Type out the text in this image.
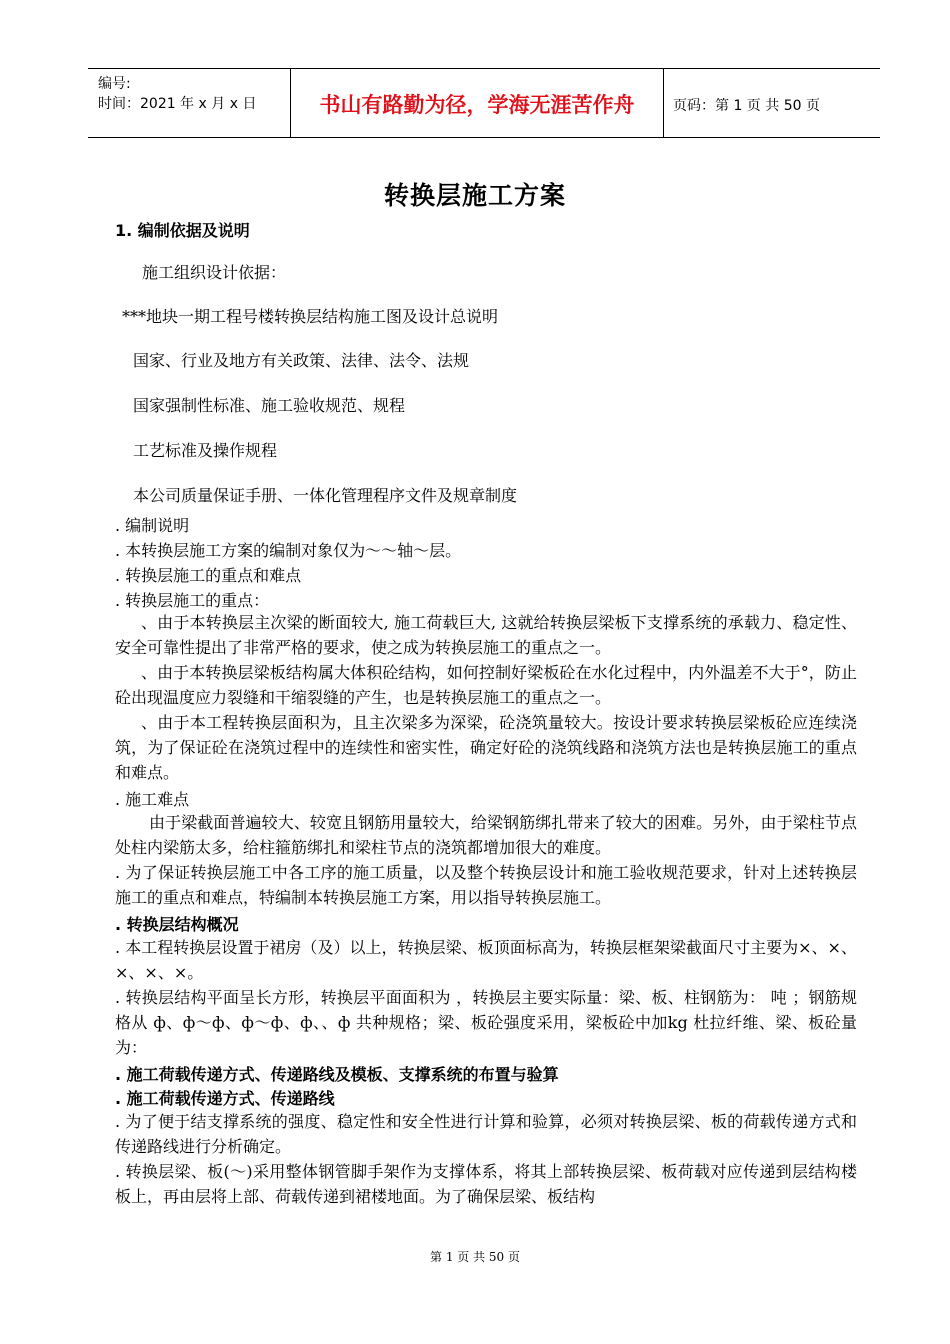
编号:
时间：2021 年 x 月 x 日	书山有路勤为径，学海无涯苦作舟	页码：第 1 页 共 50 页
转换层施工方案
1. 编制依据及说明
施工组织设计依据：
***地块一期工程号楼转换层结构施工图及设计总说明
国家、行业及地方有关政策、法律、法令、法规
国家强制性标准、施工验收规范、规程
工艺标准及操作规程
本公司质量保证手册、一体化管理程序文件及规章制度
. 编制说明
. 本转换层施工方案的编制对象仅为～～轴～层。
. 转换层施工的重点和难点
. 转换层施工的重点：

、由于本转换层主次梁的断面较大, 施工荷载巨大, 这就给转换层梁板下支撑系统的承载力、稳定性、安全可靠性提出了非常严格的要求，使之成为转换层施工的重点之一。

、由于本转换层梁板结构属大体积砼结构，如何控制好梁板砼在水化过程中，内外温差不大于°，防止砼出现温度应力裂缝和干缩裂缝的产生，也是转换层施工的重点之一。

、由于本工程转换层面积为，且主次梁多为深梁，砼浇筑量较大。按设计要求转换层梁板砼应连续浇筑，为了保证砼在浇筑过程中的连续性和密实性，确定好砼的浇筑线路和浇筑方法也是转换层施工的重点和难点。

. 施工难点

由于梁截面普遍较大、较宽且钢筋用量较大，给梁钢筋绑扎带来了较大的困难。另外，由于梁柱节点处柱内梁筋太多，给柱箍筋绑扎和梁柱节点的浇筑都增加很大的难度。

. 为了保证转换层施工中各工序的施工质量，以及整个转换层设计和施工验收规范要求，针对上述转换层施工的重点和难点，特编制本转换层施工方案，用以指导转换层施工。

. 转换层结构概况

. 本工程转换层设置于裙房（及）以上，转换层梁、板顶面标高为，转换层框架梁截面尺寸主要为×、×、×、×、×。

. 转换层结构平面呈长方形，转换层平面面积为 ，转换层主要实际量：梁、板、柱钢筋为： 吨 ；钢筋规格从 ф、ф～ф、ф～ф、ф、、ф 共种规格；梁、板砼强度采用，梁板砼中加kg 杜拉纤维、梁、板砼量为：

. 施工荷载传递方式、传递路线及模板、支撑系统的布置与验算
. 施工荷载传递方式、传递路线

. 为了便于结支撑系统的强度、稳定性和安全性进行计算和验算，必须对转换层梁、板的荷载传递方式和传递路线进行分析确定。

. 转换层梁、板(～)采用整体钢管脚手架作为支撑体系，将其上部转换层梁、板荷载对应传递到层结构楼板上，再由层将上部、荷载传递到裙楼地面。为了确保层梁、板结构

第 1 页 共 50 页
